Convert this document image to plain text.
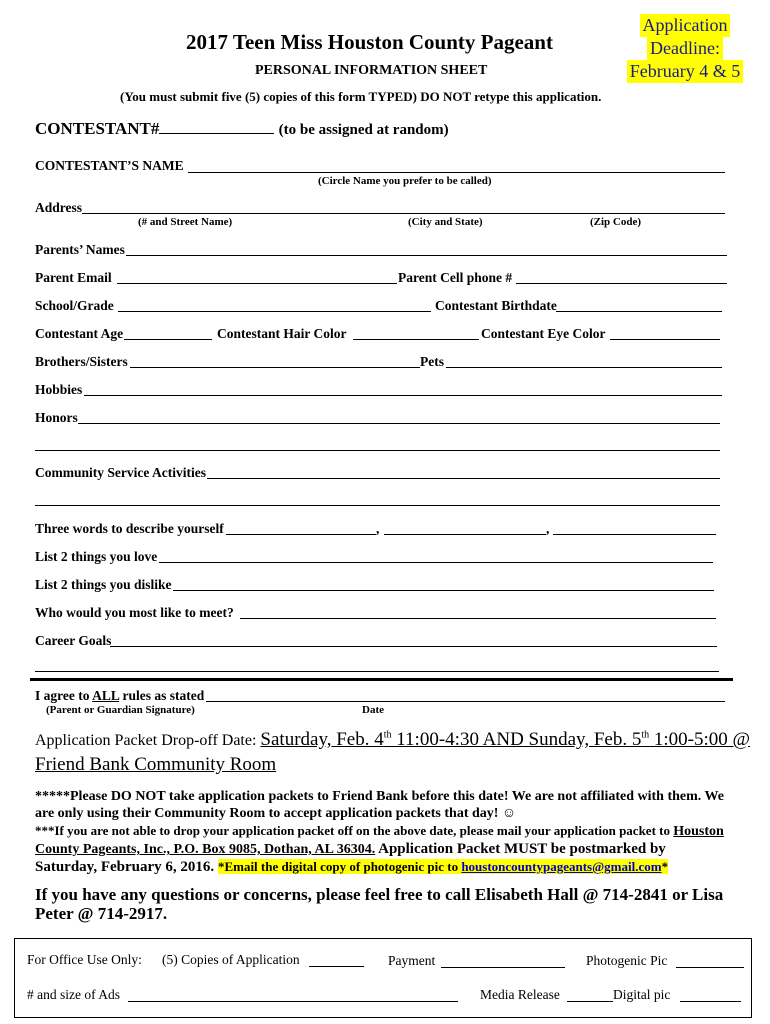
2017 Teen Miss Houston County Pageant
PERSONAL INFORMATION SHEET
(You must submit five (5) copies of this form TYPED) DO NOT retype this application.
Application
Deadline:
February 4 & 5
CONTESTANT#	(to be assigned at random)
CONTESTANT’S NAME
(Circle Name you prefer to be called)
Address
(# and Street Name)	(City and State)	(Zip Code)
Parents’ Names
Parent Email	Parent Cell phone #
School/Grade	Contestant Birthdate
Contestant Age	Contestant Hair Color	Contestant Eye Color
Brothers/Sisters	Pets
Hobbies
Honors
Community Service Activities
Three words to describe yourself	,	,
List 2 things you love
List 2 things you dislike
Who would you most like to meet?
Career Goals
I agree to ALL rules as stated
(Parent or Guardian Signature)	Date
Application Packet Drop-off Date: Saturday, Feb. 4th 11:00-4:30 AND Sunday, Feb. 5th 1:00-5:00 @
Friend Bank Community Room

*****Please DO NOT take application packets to Friend Bank before this date! We are not affiliated with them. We are only using their Community Room to accept application packets that day! ☺

***If you are not able to drop your application packet off on the above date, please mail your application packet to Houston County Pageants, Inc., P.O. Box 9085, Dothan, AL 36304. Application Packet MUST be postmarked by Saturday, February 6, 2016. *Email the digital copy of photogenic pic to houstoncountypageants@gmail.com*

If you have any questions or concerns, please feel free to call Elisabeth Hall @ 714-2841 or Lisa Peter @ 714-2917.
For Office Use Only: (5) Copies of Application	Payment	Photogenic Pic
# and size of Ads	Media Release	Digital pic
